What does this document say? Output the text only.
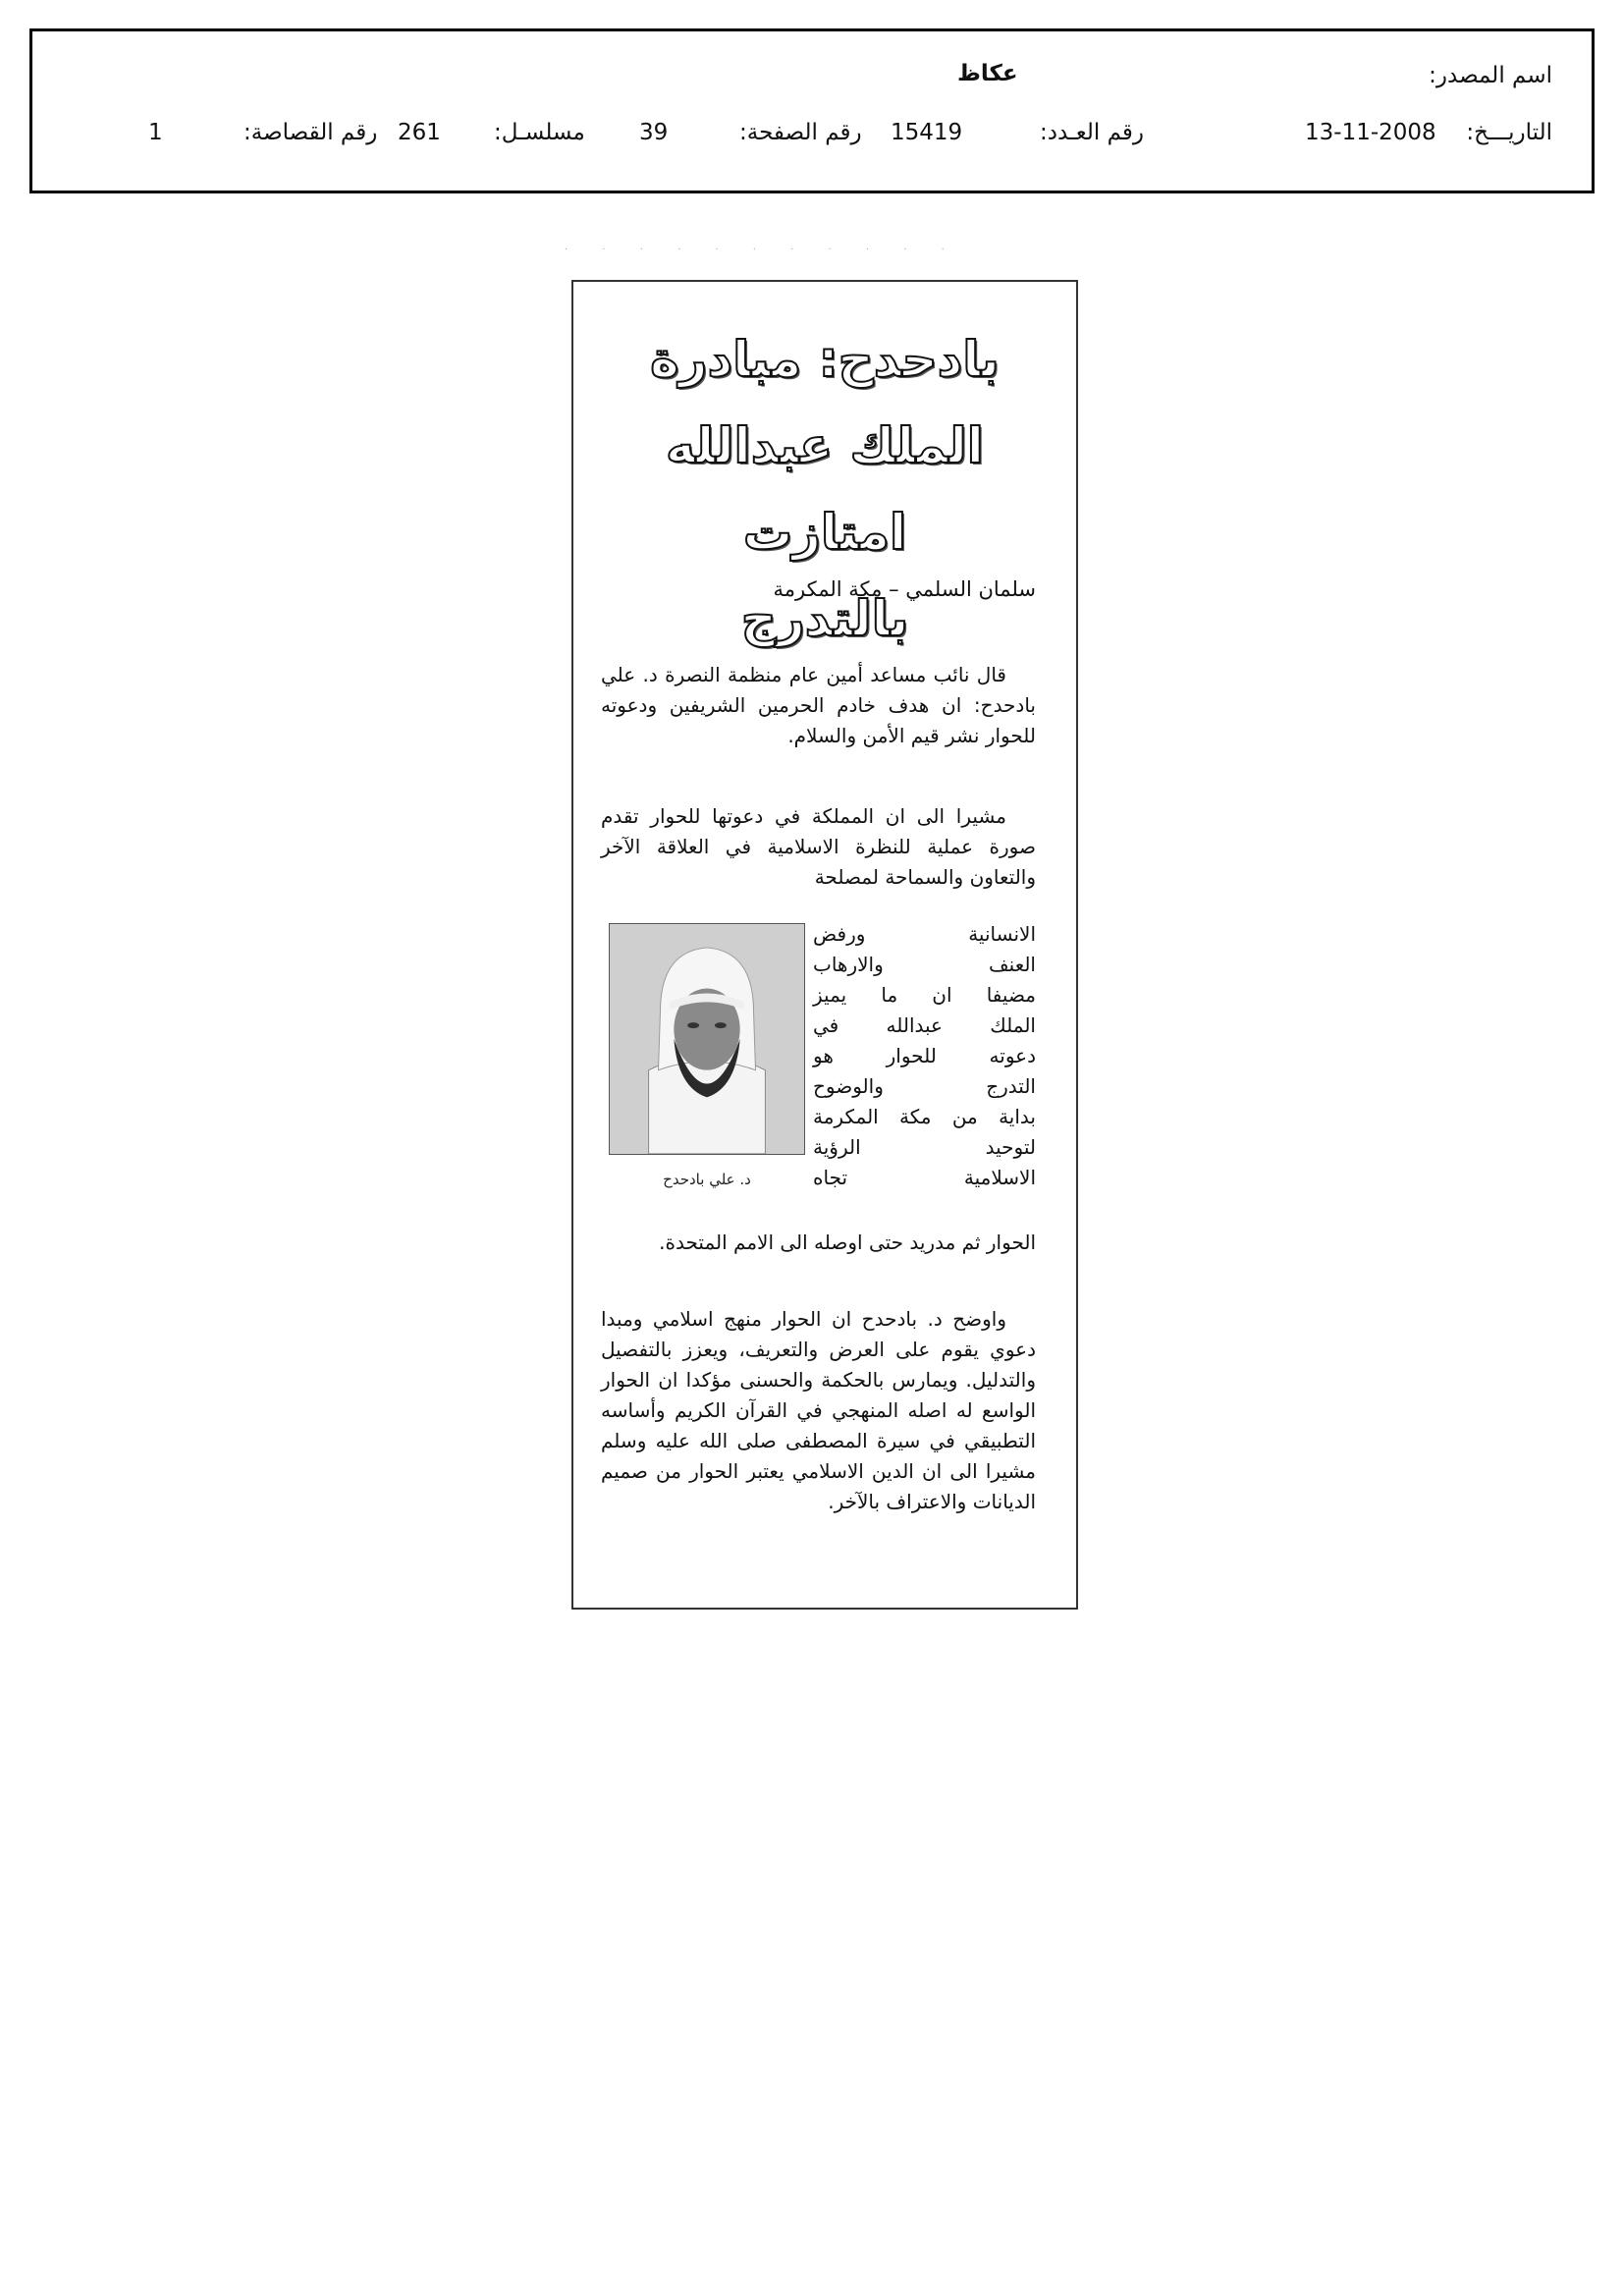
اسم المصدر:
عكاظ
التاريـــخ:
13-11-2008
رقم العـدد:
15419
رقم الصفحة:
39
مسلسـل:
261
رقم القصاصة:
1
· · · · · · · · · · ·
بادحدح: مبادرة
الملك عبدالله امتازت
بالتدرج
سلمان السلمي – مكة المكرمة

قال نائب مساعد أمين عام منظمة النصرة د. علي بادحدح: ان هدف خادم الحرمين الشريفين ودعوته للحوار نشر قيم الأمن والسلام.

مشيرا الى ان المملكة في دعوتها للحوار تقدم صورة عملية للنظرة الاسلامية في العلاقة الآخر والتعاون والسماحة لمصلحة

د. علي بادحدح
الانسانية ورفض
العنف والارهاب
مضيفا ان ما يميز
الملك عبدالله في
دعوته للحوار هو
التدرج والوضوح
بداية من مكة المكرمة
لتوحيد الرؤية
الاسلامية تجاه

الحوار ثم مدريد حتى اوصله الى الامم المتحدة.

واوضح د. بادحدح ان الحوار منهج اسلامي ومبدا دعوي يقوم على العرض والتعريف، ويعزز بالتفصيل والتدليل. ويمارس بالحكمة والحسنى مؤكدا ان الحوار الواسع له اصله المنهجي في القرآن الكريم وأساسه التطبيقي في سيرة المصطفى صلى الله عليه وسلم مشيرا الى ان الدين الاسلامي يعتبر الحوار من صميم الديانات والاعتراف بالآخر.
